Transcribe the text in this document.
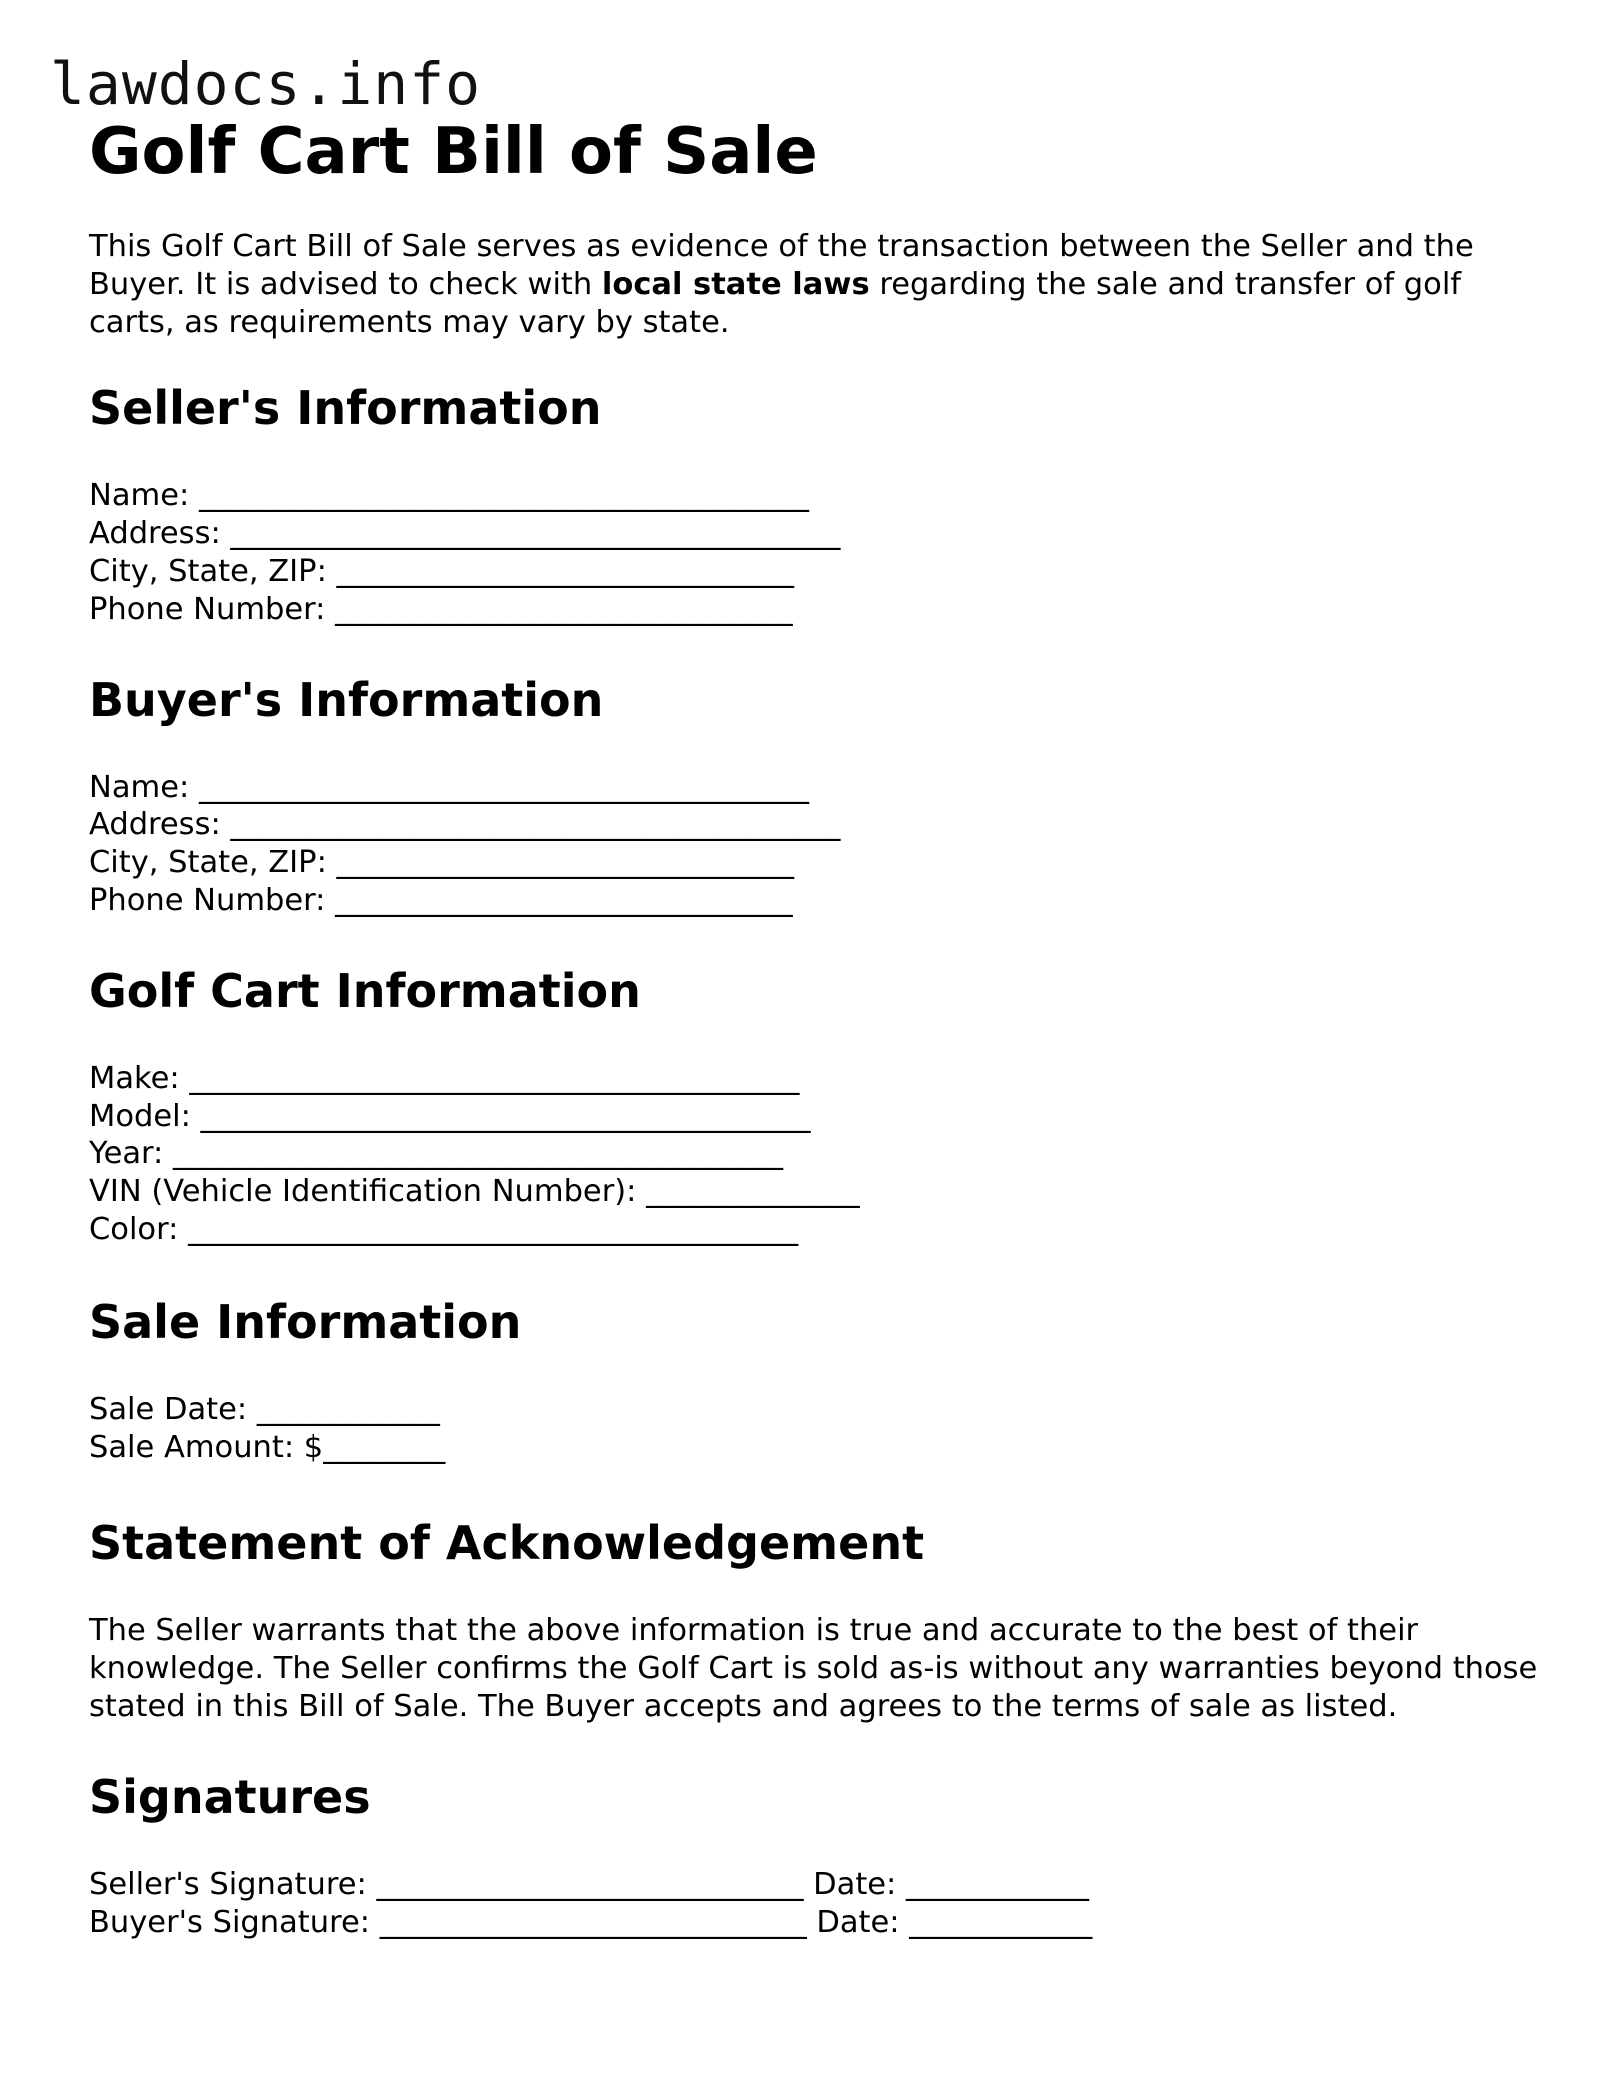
lawdocs.info
Golf Cart Bill of Sale

This Golf Cart Bill of Sale serves as evidence of the transaction between the Seller and the Buyer. It is advised to check with local state laws regarding the sale and transfer of golf carts, as requirements may vary by state.

Seller's Information
Name: ________________________________________
Address: ________________________________________
City, State, ZIP: ______________________________
Phone Number: ______________________________
Buyer's Information
Name: ________________________________________
Address: ________________________________________
City, State, ZIP: ______________________________
Phone Number: ______________________________
Golf Cart Information
Make: ________________________________________
Model: ________________________________________
Year: ________________________________________
VIN (Vehicle Identification Number): ______________
Color: ________________________________________
Sale Information
Sale Date: ____________
Sale Amount: $________
Statement of Acknowledgement

The Seller warrants that the above information is true and accurate to the best of their knowledge. The Seller confirms the Golf Cart is sold as-is without any warranties beyond those stated in this Bill of Sale. The Buyer accepts and agrees to the terms of sale as listed.

Signatures
Seller's Signature: ____________________________ Date: ____________
Buyer's Signature: ____________________________ Date: ____________
